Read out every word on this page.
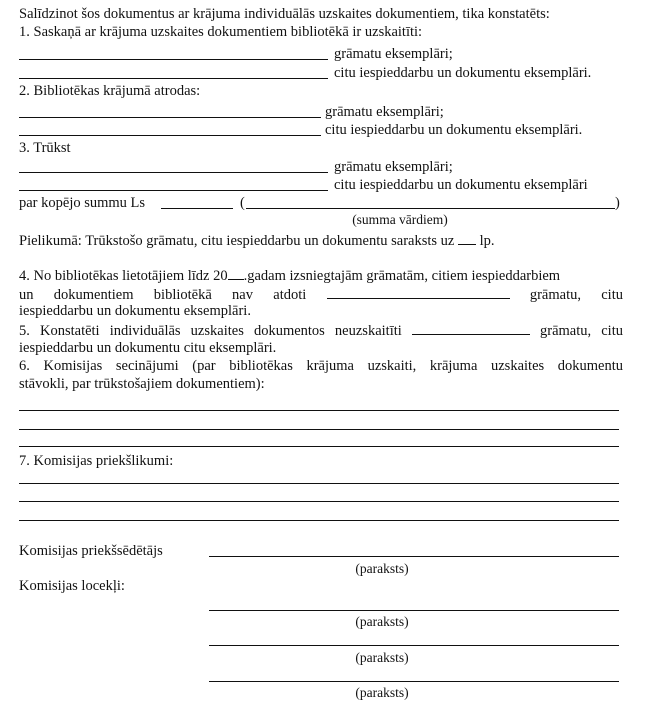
Salīdzinot šos dokumentus ar krājuma individuālās uzskaites dokumentiem, tika konstatēts:
1. Saskaņā ar krājuma uzskaites dokumentiem bibliotēkā ir uzskaitīti:
grāmatu eksemplāri;
citu iespieddarbu un dokumentu eksemplāri.
2. Bibliotēkas krājumā atrodas:
grāmatu eksemplāri;
citu iespieddarbu un dokumentu eksemplāri.
3. Trūkst
grāmatu eksemplāri;
citu iespieddarbu un dokumentu eksemplāri
par kopējo summu Ls	(	)
(summa vārdiem)
Pielikumā: Trūkstošo grāmatu, citu iespieddarbu un dokumentu saraksts uz lp.
4. No bibliotēkas lietotājiem līdz 20 .gadam izsniegtajām grāmatām, citiem iespieddarbiem
un dokumentiem bibliotēkā nav atdoti	grāmatu, citu
iespieddarbu un dokumentu eksemplāri.
5. Konstatēti individuālās uzskaites dokumentos neuzskaitīti	grāmatu, citu
iespieddarbu un dokumentu citu eksemplāri.
6. Komisijas secinājumi (par bibliotēkas krājuma uzskaiti, krājuma uzskaites dokumentu
stāvokli, par trūkstošajiem dokumentiem):
7. Komisijas priekšlikumi:
Komisijas priekšsēdētājs
(paraksts)
Komisijas locekļi:
(paraksts)
(paraksts)
(paraksts)
